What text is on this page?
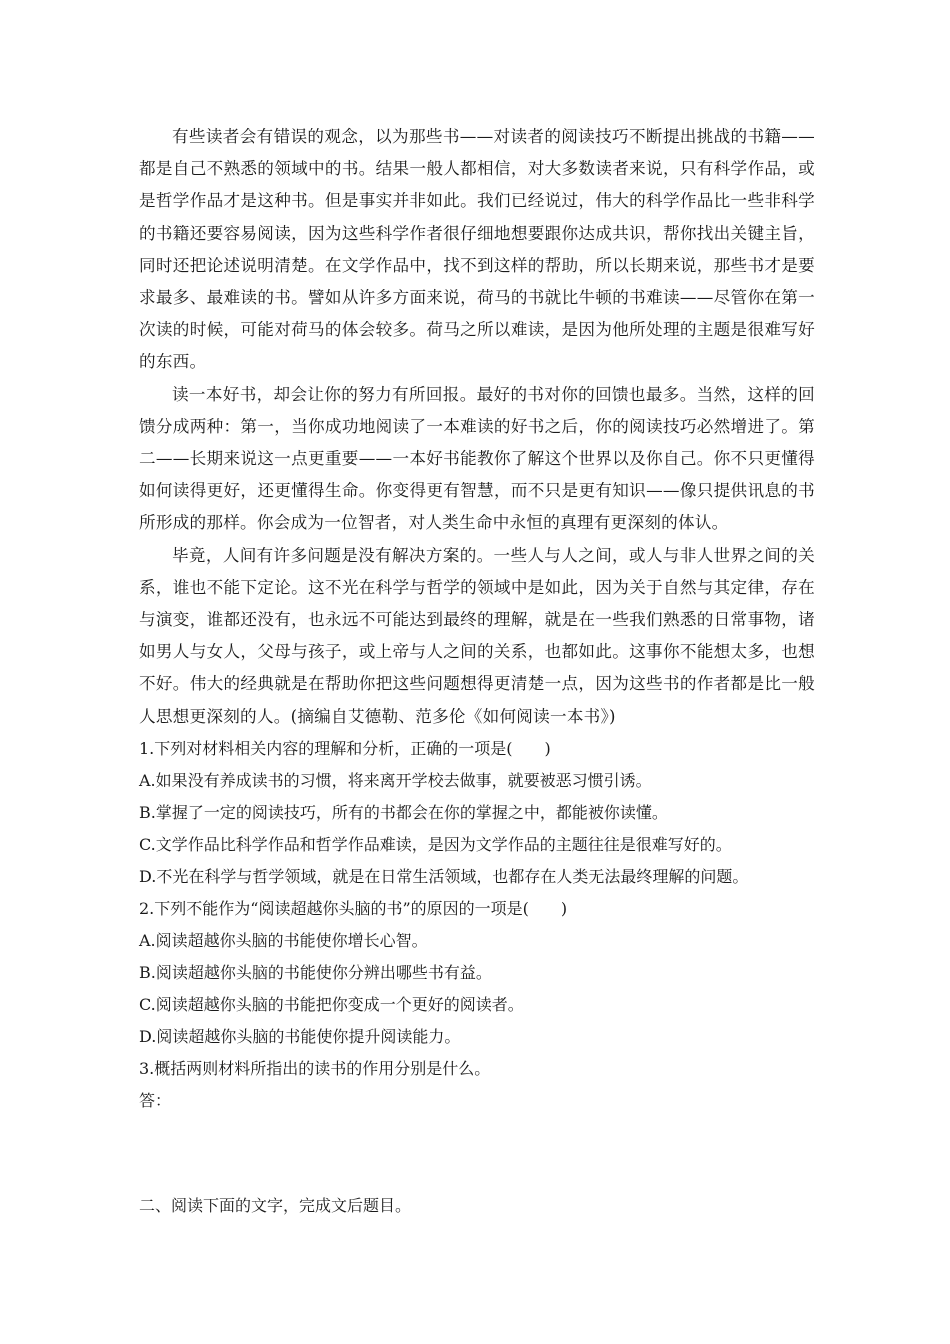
有些读者会有错误的观念，以为那些书——对读者的阅读技巧不断提出挑战的书籍——都是自己不熟悉的领域中的书。结果一般人都相信，对大多数读者来说，只有科学作品，或是哲学作品才是这种书。但是事实并非如此。我们已经说过，伟大的科学作品比一些非科学的书籍还要容易阅读，因为这些科学作者很仔细地想要跟你达成共识，帮你找出关键主旨，同时还把论述说明清楚。在文学作品中，找不到这样的帮助，所以长期来说，那些书才是要求最多、最难读的书。譬如从许多方面来说，荷马的书就比牛顿的书难读——尽管你在第一次读的时候，可能对荷马的体会较多。荷马之所以难读，是因为他所处理的主题是很难写好的东西。

读一本好书，却会让你的努力有所回报。最好的书对你的回馈也最多。当然，这样的回馈分成两种：第一，当你成功地阅读了一本难读的好书之后，你的阅读技巧必然增进了。第二——长期来说这一点更重要——一本好书能教你了解这个世界以及你自己。你不只更懂得如何读得更好，还更懂得生命。你变得更有智慧，而不只是更有知识——像只提供讯息的书所形成的那样。你会成为一位智者，对人类生命中永恒的真理有更深刻的体认。

毕竟，人间有许多问题是没有解决方案的。一些人与人之间，或人与非人世界之间的关系，谁也不能下定论。这不光在科学与哲学的领域中是如此，因为关于自然与其定律，存在与演变，谁都还没有，也永远不可能达到最终的理解，就是在一些我们熟悉的日常事物，诸如男人与女人，父母与孩子，或上帝与人之间的关系，也都如此。这事你不能想太多，也想不好。伟大的经典就是在帮助你把这些问题想得更清楚一点，因为这些书的作者都是比一般人思想更深刻的人。(摘编自艾德勒、范多伦《如何阅读一本书》)

1.下列对材料相关内容的理解和分析，正确的一项是(　　)

A.如果没有养成读书的习惯，将来离开学校去做事，就要被恶习惯引诱。

B.掌握了一定的阅读技巧，所有的书都会在你的掌握之中，都能被你读懂。

C.文学作品比科学作品和哲学作品难读，是因为文学作品的主题往往是很难写好的。

D.不光在科学与哲学领域，就是在日常生活领域，也都存在人类无法最终理解的问题。

2.下列不能作为“阅读超越你头脑的书”的原因的一项是(　　)

A.阅读超越你头脑的书能使你增长心智。

B.阅读超越你头脑的书能使你分辨出哪些书有益。

C.阅读超越你头脑的书能把你变成一个更好的阅读者。

D.阅读超越你头脑的书能使你提升阅读能力。

3.概括两则材料所指出的读书的作用分别是什么。

答：

二、阅读下面的文字，完成文后题目。
